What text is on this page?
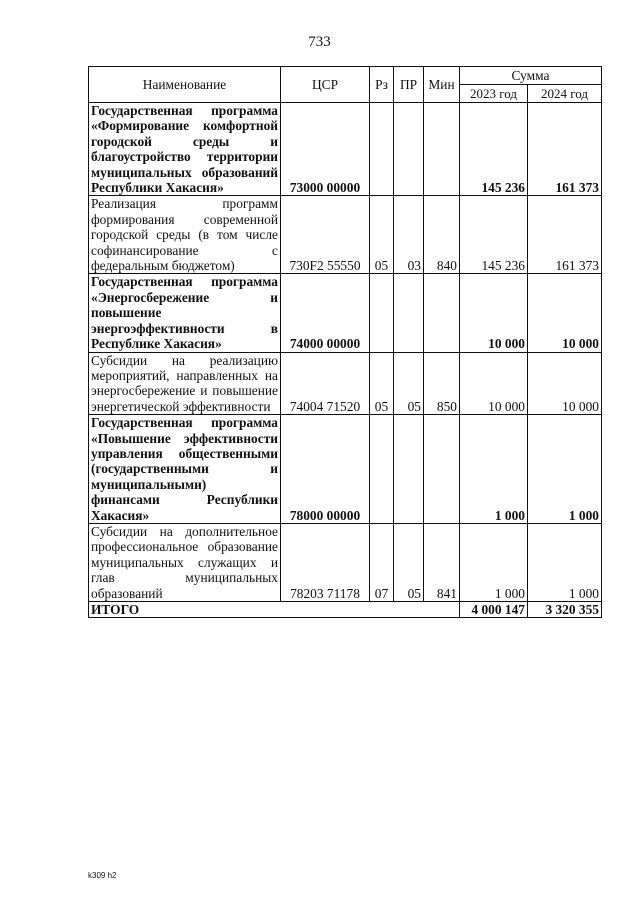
733
Наименование	ЦСР	Рз	ПР	Мин	Сумма	
					2023 год	2024 год
Государственная программа «Формирование комфортной городской среды и благоустройство территории муниципальных образований Республики Хакасия»	73000 00000				145 236	161 373
Реализация программ формирования современной городской среды (в том числе софинансирование с федеральным бюджетом)	730F2 55550	05	03	840	145 236	161 373
Государственная программа «Энергосбережение и повышение энергоэффективности в Республике Хакасия»	74000 00000				10 000	10 000
Субсидии на реализацию мероприятий, направленных на энергосбережение и повышение энергетической эффективности	74004 71520	05	05	850	10 000	10 000
Государственная программа «Повышение эффективности управления общественными (государственными и муниципальными) финансами Республики Хакасия»	78000 00000				1 000	1 000
Субсидии на дополнительное профессиональное образование муниципальных служащих и глав муниципальных образований	78203 71178	07	05	841	1 000	1 000
ИТОГО					4 000 147	3 320 355
k309 h2
